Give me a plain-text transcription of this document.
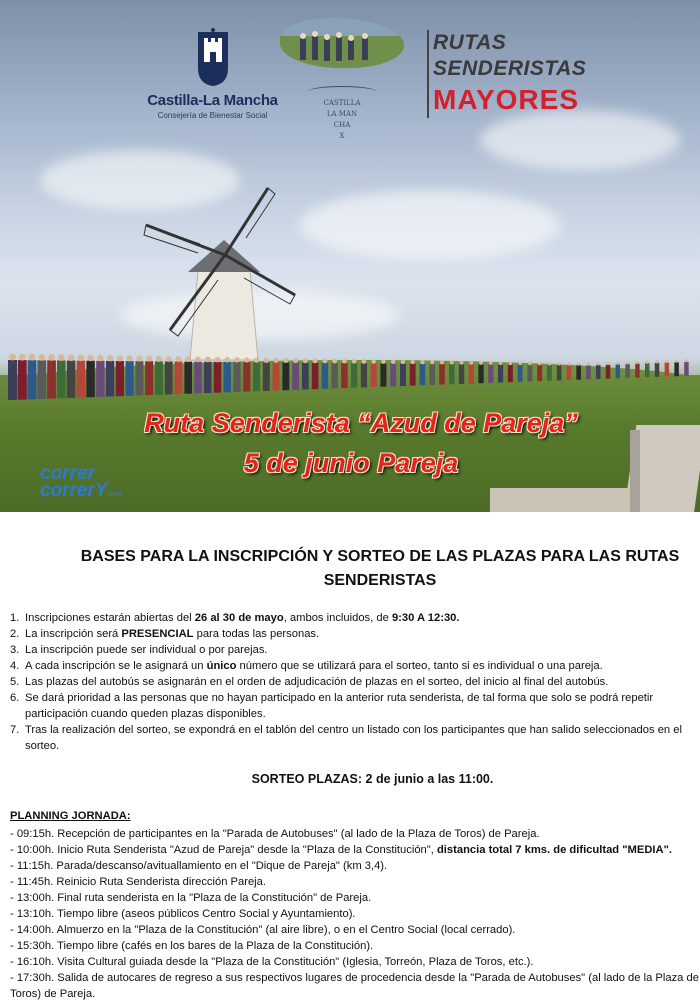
Castilla-La Mancha
Consejería de Bienestar Social
CASTILLA
LA MAN
CHA
X
RUTAS
SENDERISTAS
MAYORES
Ruta Senderista “Azud de Pareja”
5 de junio Pareja
correr
correrY.com
BASES PARA LA INSCRIPCIÓN Y SORTEO DE LAS PLAZAS PARA LAS RUTAS SENDERISTAS
1. Inscripciones estarán abiertas del 26 al 30 de mayo, ambos incluidos, de 9:30 A 12:30.
2. La inscripción será PRESENCIAL para todas las personas.
3. La inscripción puede ser individual o por parejas.
4. A cada inscripción se le asignará un único número que se utilizará para el sorteo, tanto si es individual o una pareja.
5. Las plazas del autobús se asignarán en el orden de adjudicación de plazas en el sorteo, del inicio al final del autobús.
6. Se dará prioridad a las personas que no hayan participado en la anterior ruta senderista, de tal forma que solo se podrá repetir
participación cuando queden plazas disponibles.
7. Tras la realización del sorteo, se expondrá en el tablón del centro un listado con los participantes que han salido seleccionados en el
sorteo.
SORTEO PLAZAS: 2 de junio a las 11:00.
PLANNING JORNADA:
- 09:15h. Recepción de participantes en la "Parada de Autobuses" (al lado de la Plaza de Toros) de Pareja.
- 10:00h. Inicio Ruta Senderista "Azud de Pareja" desde la "Plaza de la Constitución", distancia total 7 kms. de dificultad "MEDIA".
- 11:15h. Parada/descanso/avituallamiento en el "Dique de Pareja" (km 3,4).
- 11:45h. Reinicio Ruta Senderista dirección Pareja.
- 13:00h. Final ruta senderista en la "Plaza de la Constitución" de Pareja.
- 13:10h. Tiempo libre (aseos públicos Centro Social y Ayuntamiento).
- 14:00h. Almuerzo en la "Plaza de la Constitución" (al aire libre), o en el Centro Social (local cerrado).
- 15:30h. Tiempo libre (cafés en los bares de la Plaza de la Constitución).
- 16:10h. Visita Cultural guiada desde la "Plaza de la Constitución" (Iglesia, Torreón, Plaza de Toros, etc.).
- 17:30h. Salida de autocares de regreso a sus respectivos lugares de procedencia desde la "Parada de Autobuses" (al lado de la Plaza de
Toros) de Pareja.
